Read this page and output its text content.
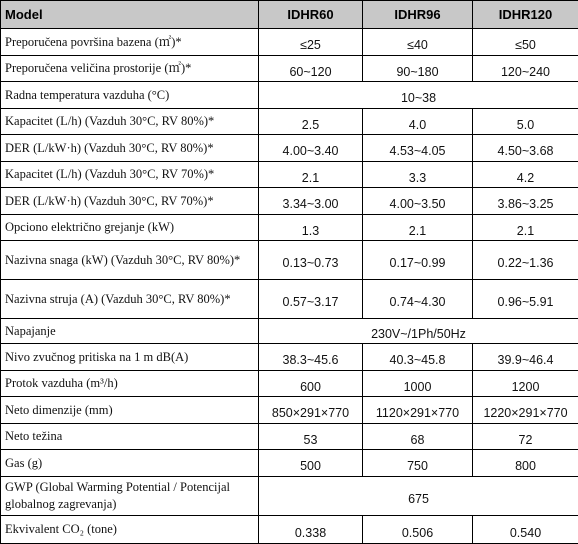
Model	IDHR60	IDHR96	IDHR120
Preporučena površina bazena (㎡)*	≤25	≤40	≤50
Preporučena veličina prostorije (㎡)*	60~120	90~180	120~240
Radna temperatura vazduha (°C)	10~38		
Kapacitet (L/h) (Vazduh 30°C, RV 80%)*	2.5	4.0	5.0
DER (L/kW·h) (Vazduh 30°C, RV 80%)*	4.00~3.40	4.53~4.05	4.50~3.68
Kapacitet (L/h) (Vazduh 30°C, RV 70%)*	2.1	3.3	4.2
DER (L/kW·h) (Vazduh 30°C, RV 70%)*	3.34~3.00	4.00~3.50	3.86~3.25
Opciono električno grejanje (kW)	1.3	2.1	2.1
Nazivna snaga (kW) (Vazduh 30°C, RV 80%)*	0.13~0.73	0.17~0.99	0.22~1.36
Nazivna struja (A) (Vazduh 30°C, RV 80%)*	0.57~3.17	0.74~4.30	0.96~5.91
Napajanje	230V~/1Ph/50Hz		
Nivo zvučnog pritiska na 1 m dB(A)	38.3~45.6	40.3~45.8	39.9~46.4
Protok vazduha (m³/h)	600	1000	1200
Neto dimenzije (mm)	850×291×770	1120×291×770	1220×291×770
Neto težina	53	68	72
Gas (g)	500	750	800
GWP (Global Warming Potential / Potencijal globalnog zagrevanja)	675		
Ekvivalent CO₂ (tone)	0.338	0.506	0.540
